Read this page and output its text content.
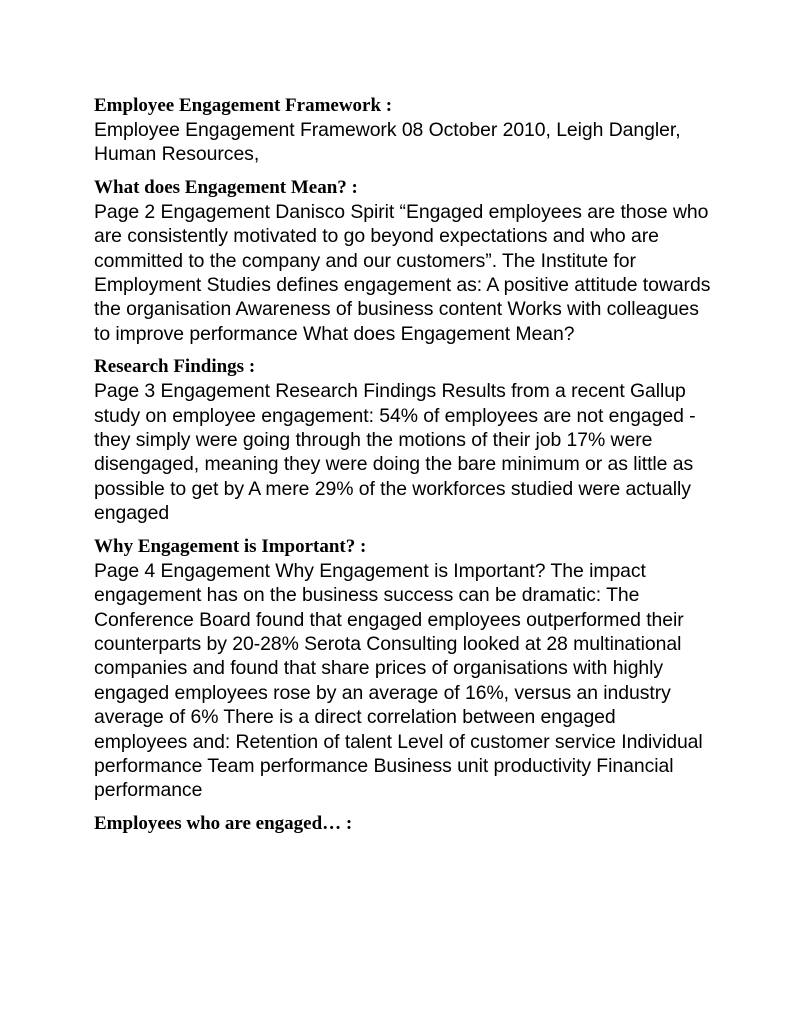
Employee Engagement Framework :

Employee Engagement Framework 08 October 2010, Leigh Dangler, Human Resources,

What does Engagement Mean? :

Page 2 Engagement Danisco Spirit “Engaged employees are those who are consistently motivated to go beyond expectations and who are committed to the company and our customers”. The Institute for Employment Studies defines engagement as: A positive attitude towards the organisation Awareness of business content Works with colleagues to improve performance What does Engagement Mean?

Research Findings :

Page 3 Engagement Research Findings Results from a recent Gallup study on employee engagement: 54% of employees are not engaged - they simply were going through the motions of their job 17% were disengaged, meaning they were doing the bare minimum or as little as possible to get by A mere 29% of the workforces studied were actually engaged

Why Engagement is Important? :

Page 4 Engagement Why Engagement is Important? The impact engagement has on the business success can be dramatic: The Conference Board found that engaged employees outperformed their counterparts by 20-28% Serota Consulting looked at 28 multinational companies and found that share prices of organisations with highly engaged employees rose by an average of 16%, versus an industry average of 6% There is a direct correlation between engaged employees and: Retention of talent Level of customer service Individual performance Team performance Business unit productivity Financial performance

Employees who are engaged… :
